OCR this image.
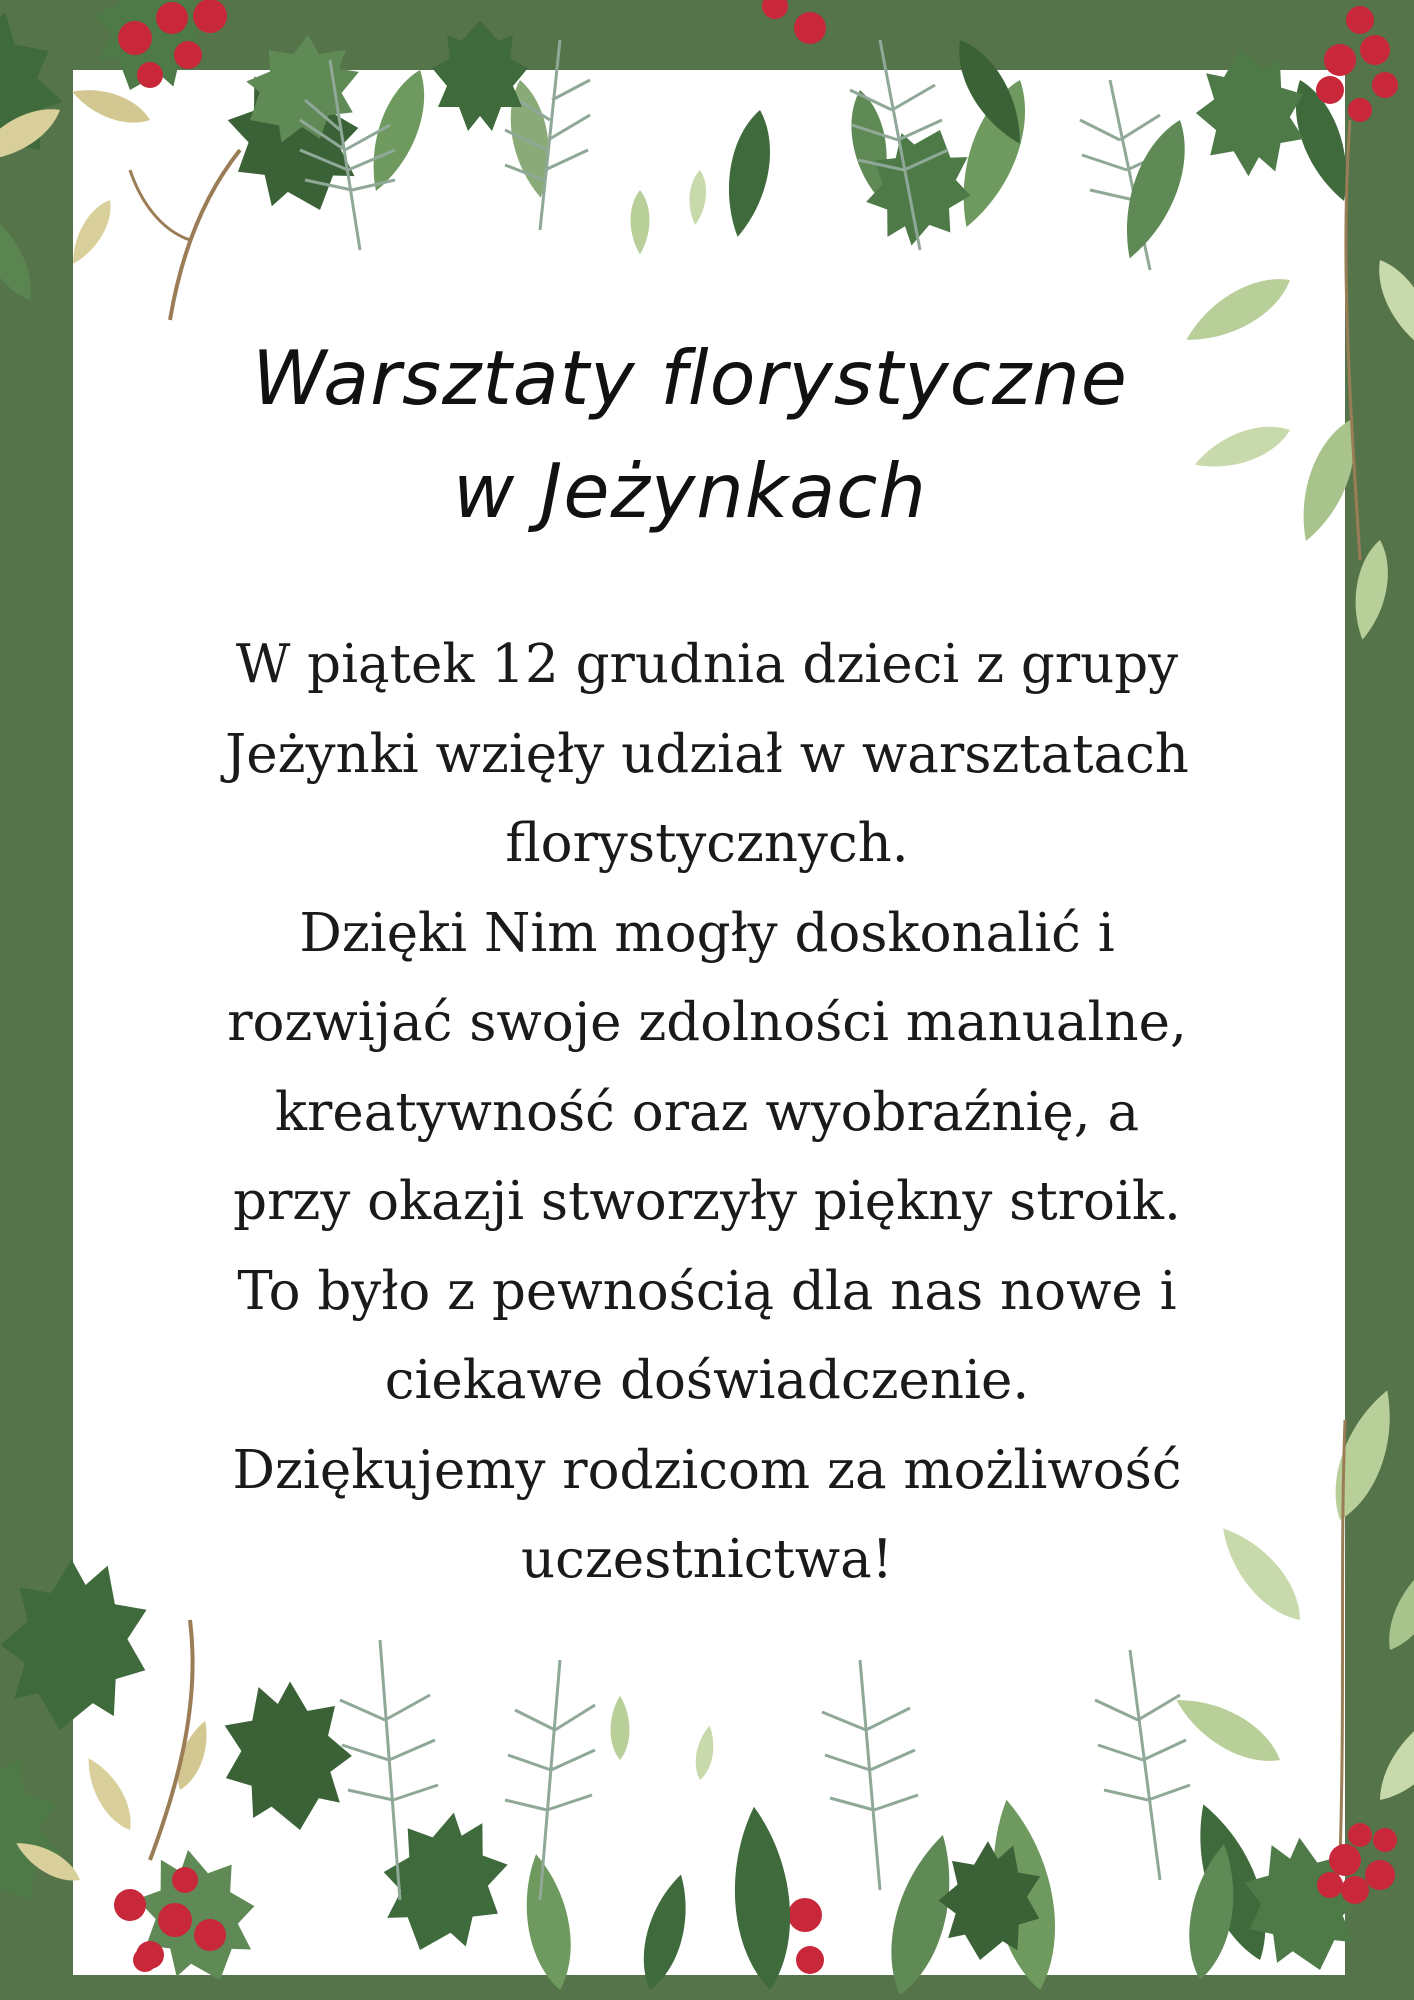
Warsztaty florystyczne
w Jeżynkach
W piątek 12 grudnia dzieci z grupy
Jeżynki wzięły udział w warsztatach
florystycznych.
Dzięki Nim mogły doskonalić i
rozwijać swoje zdolności manualne,
kreatywność oraz wyobraźnię, a
przy okazji stworzyły piękny stroik.
To było z pewnością dla nas nowe i
ciekawe doświadczenie.
Dziękujemy rodzicom za możliwość
uczestnictwa!
